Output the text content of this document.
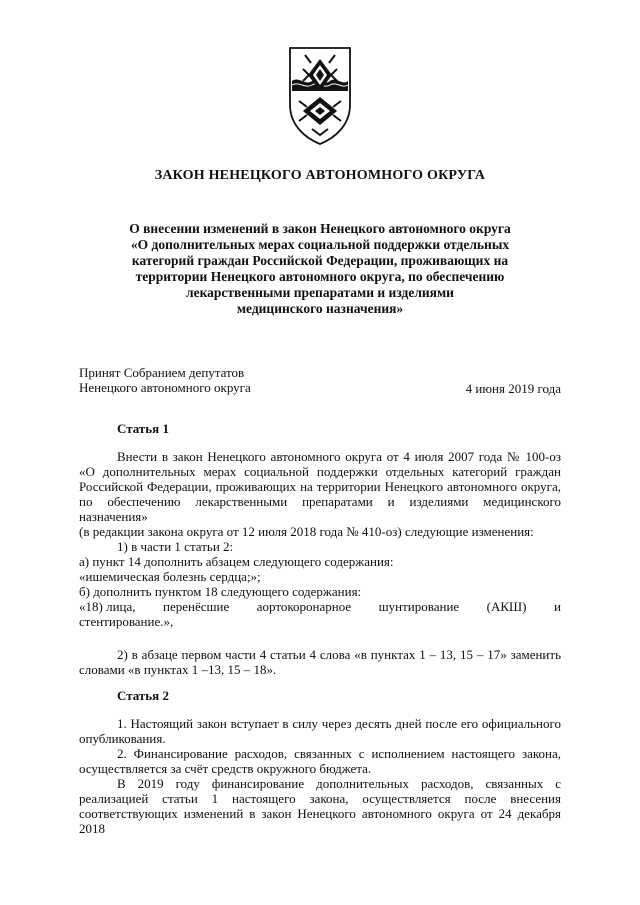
ЗАКОН НЕНЕЦКОГО АВТОНОМНОГО ОКРУГА
О внесении изменений в закон Ненецкого автономного округа
«О дополнительных мерах социальной поддержки отдельных
категорий граждан Российской Федерации, проживающих на
территории Ненецкого автономного округа, по обеспечению
лекарственными препаратами и изделиями
медицинского назначения»
Принят Собранием депутатов
Ненецкого автономного округа	4 июня 2019 года
Статья 1
Внести в закон Ненецкого автономного округа от 4 июля 2007 года № 100-оз
«О дополнительных мерах социальной поддержки отдельных категорий граждан
Российской Федерации, проживающих на территории Ненецкого автономного округа,
по обеспечению лекарственными препаратами и изделиями медицинского назначения»
(в редакции закона округа от 12 июля 2018 года № 410-оз) следующие изменения:
1) в части 1 статьи 2:
а) пункт 14 дополнить абзацем следующего содержания:
«ишемическая болезнь сердца;»;
б) дополнить пунктом 18 следующего содержания:
«18) лица, перенёсшие аортокоронарное шунтирование (АКШ) и
стентирование.»,
2) в абзаце первом части 4 статьи 4 слова «в пунктах 1 – 13, 15 – 17» заменить
словами «в пунктах 1 –13, 15 – 18».
Статья 2
1. Настоящий закон вступает в силу через десять дней после его официального
опубликования.
2. Финансирование расходов, связанных с исполнением настоящего закона,
осуществляется за счёт средств окружного бюджета.
В 2019 году финансирование дополнительных расходов, связанных с
реализацией статьи 1 настоящего закона, осуществляется после внесения
соответствующих изменений в закон Ненецкого автономного округа от 24 декабря 2018
